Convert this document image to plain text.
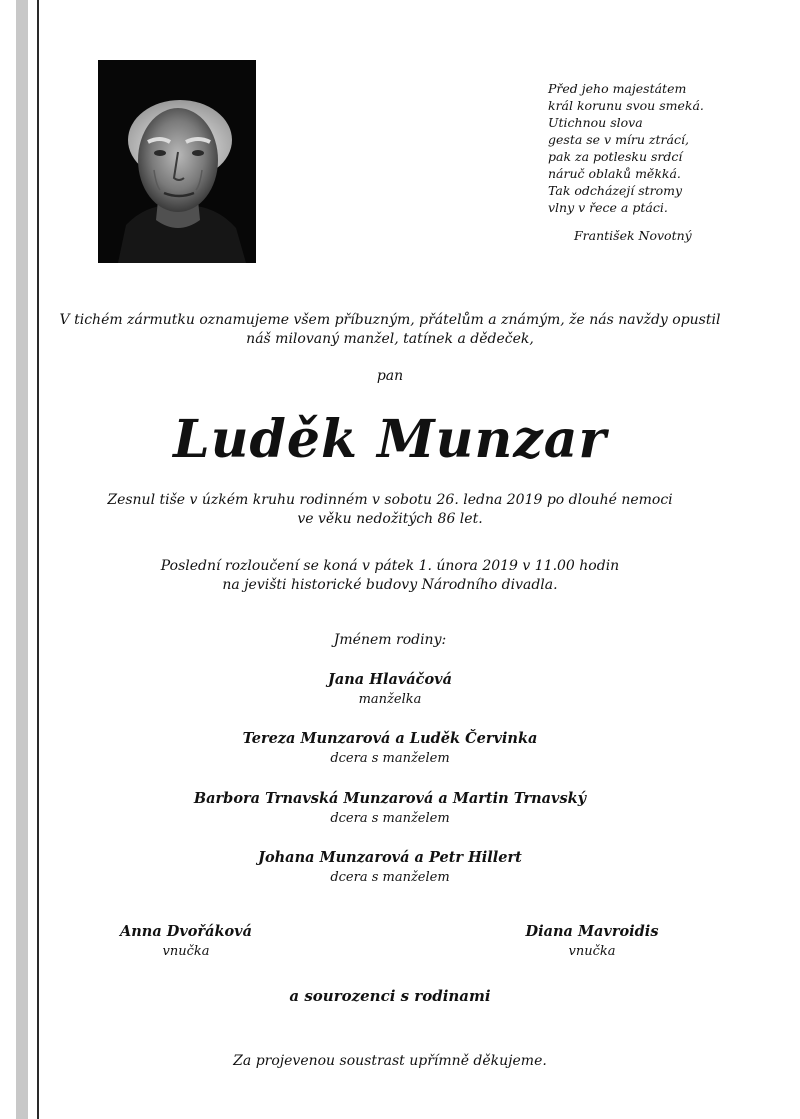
Před jeho majestátem
král korunu svou smeká.
Utichnou slova
gesta se v míru ztrácí,
pak za potlesku srdcí
náruč oblaků měkká.
Tak odcházejí stromy
vlny v řece a ptáci.
František Novotný
V tichém zármutku oznamujeme všem příbuzným, přátelům a známým, že nás navždy opustil
náš milovaný manžel, tatínek a dědeček,
pan
Luděk Munzar
Zesnul tiše v úzkém kruhu rodinném v sobotu 26. ledna 2019 po dlouhé nemoci
ve věku nedožitých 86 let.
Poslední rozloučení se koná v pátek 1. února 2019 v 11.00 hodin
na jevišti historické budovy Národního divadla.
Jménem rodiny:
Jana Hlaváčová
manželka
Tereza Munzarová a Luděk Červinka
dcera s manželem
Barbora Trnavská Munzarová a Martin Trnavský
dcera s manželem
Johana Munzarová a Petr Hillert
dcera s manželem
Anna Dvořáková
vnučka
Diana Mavroidis
vnučka
a sourozenci s rodinami
Za projevenou soustrast upřímně děkujeme.
